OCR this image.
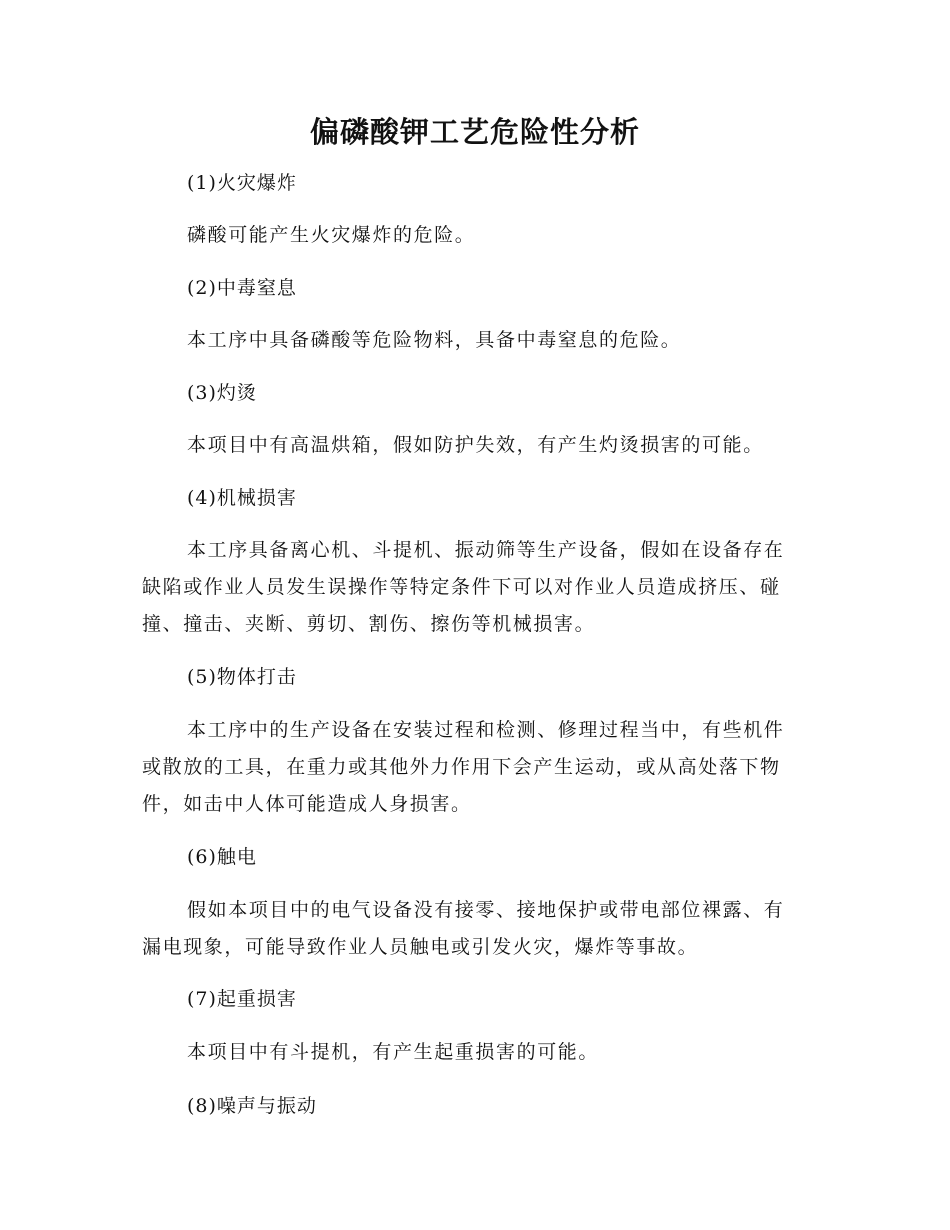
偏磷酸钾工艺危险性分析
(1)火灾爆炸
磷酸可能产生火灾爆炸的危险。
(2)中毒窒息
本工序中具备磷酸等危险物料，具备中毒窒息的危险。
(3)灼烫
本项目中有高温烘箱，假如防护失效，有产生灼烫损害的可能。
(4)机械损害
本工序具备离心机、斗提机、振动筛等生产设备，假如在设备存在缺陷或作业人员发生误操作等特定条件下可以对作业人员造成挤压、碰撞、撞击、夹断、剪切、割伤、擦伤等机械损害。
(5)物体打击
本工序中的生产设备在安装过程和检测、修理过程当中，有些机件或散放的工具，在重力或其他外力作用下会产生运动，或从高处落下物件，如击中人体可能造成人身损害。
(6)触电
假如本项目中的电气设备没有接零、接地保护或带电部位裸露、有漏电现象，可能导致作业人员触电或引发火灾，爆炸等事故。
(7)起重损害
本项目中有斗提机，有产生起重损害的可能。
(8)噪声与振动
